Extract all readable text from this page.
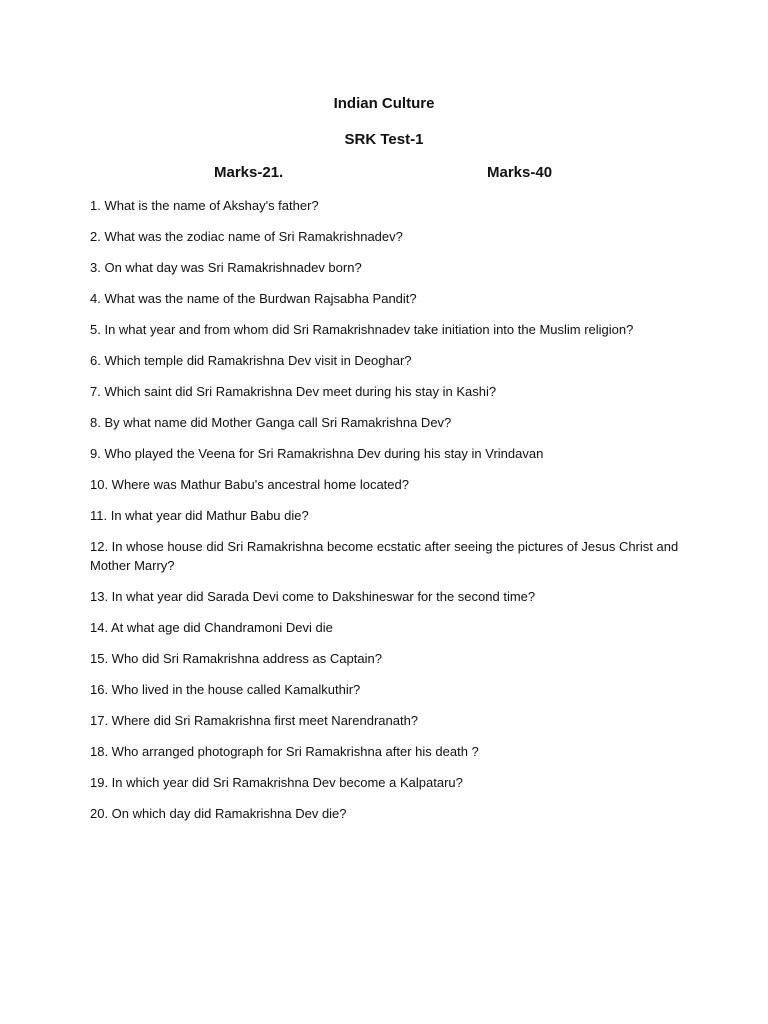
Indian Culture
SRK Test-1
Marks-21.	Marks-40
1. What is the name of Akshay's father?
2. What was the zodiac name of Sri Ramakrishnadev?
3. On what day was Sri Ramakrishnadev born?
4. What was the name of the Burdwan Rajsabha Pandit?
5. In what year and from whom did Sri Ramakrishnadev take initiation into the Muslim religion?
6. Which temple did Ramakrishna Dev visit in Deoghar?
7. Which saint did Sri Ramakrishna Dev meet during his stay in Kashi?
8. By what name did Mother Ganga call Sri Ramakrishna Dev?
9. Who played the Veena for Sri Ramakrishna Dev during his stay in Vrindavan
10. Where was Mathur Babu's ancestral home located?
11. In what year did Mathur Babu die?
12. In whose house did Sri Ramakrishna become ecstatic after seeing the pictures of Jesus Christ and Mother Marry?
13. In what year did Sarada Devi come to Dakshineswar for the second time?
14. At what age did Chandramoni Devi die
15. Who did Sri Ramakrishna address as Captain?
16. Who lived in the house called Kamalkuthir?
17. Where did Sri Ramakrishna first meet Narendranath?
18. Who arranged photograph for Sri Ramakrishna after his death ?
19. In which year did Sri Ramakrishna Dev become a Kalpataru?
20. On which day did Ramakrishna Dev die?
